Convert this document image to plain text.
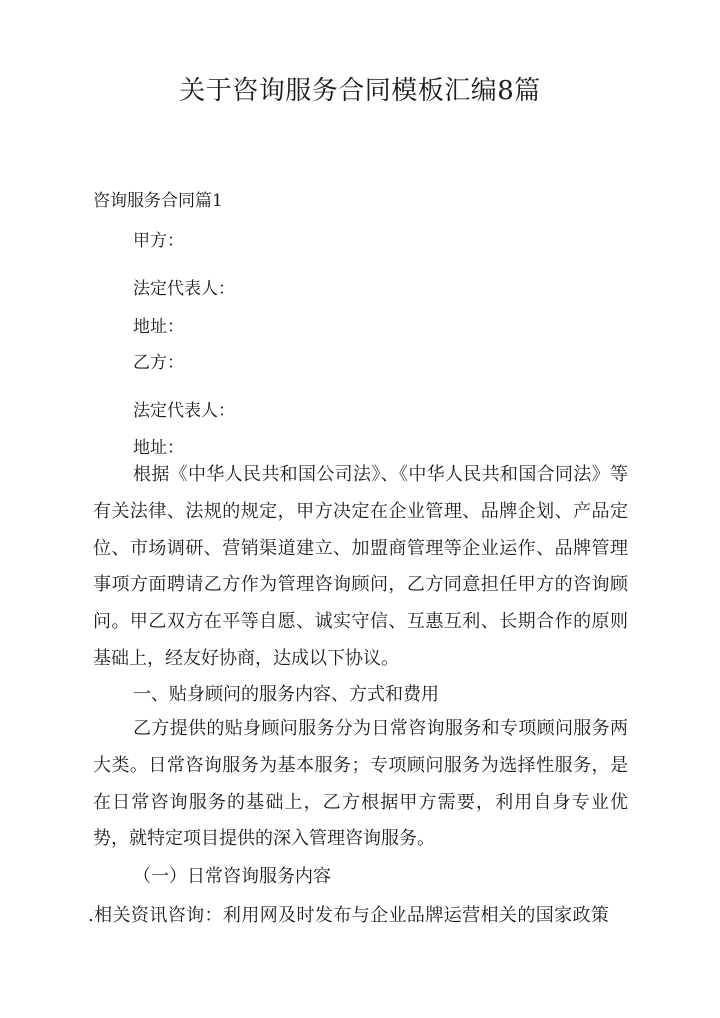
关于咨询服务合同模板汇编8篇
咨询服务合同篇1
甲方：
法定代表人：
地址：
乙方：
法定代表人：
地址：

根据《中华人民共和国公司法》、《中华人民共和国合同法》等有关法律、法规的规定，甲方决定在企业管理、品牌企划、产品定位、市场调研、营销渠道建立、加盟商管理等企业运作、品牌管理事项方面聘请乙方作为管理咨询顾问，乙方同意担任甲方的咨询顾问。甲乙双方在平等自愿、诚实守信、互惠互利、长期合作的原则基础上，经友好协商，达成以下协议。

一、贴身顾问的服务内容、方式和费用

乙方提供的贴身顾问服务分为日常咨询服务和专项顾问服务两大类。日常咨询服务为基本服务；专项顾问服务为选择性服务，是在日常咨询服务的基础上，乙方根据甲方需要，利用自身专业优势，就特定项目提供的深入管理咨询服务。

（一）日常咨询服务内容
.相关资讯咨询：利用网及时发布与企业品牌运营相关的国家政策
